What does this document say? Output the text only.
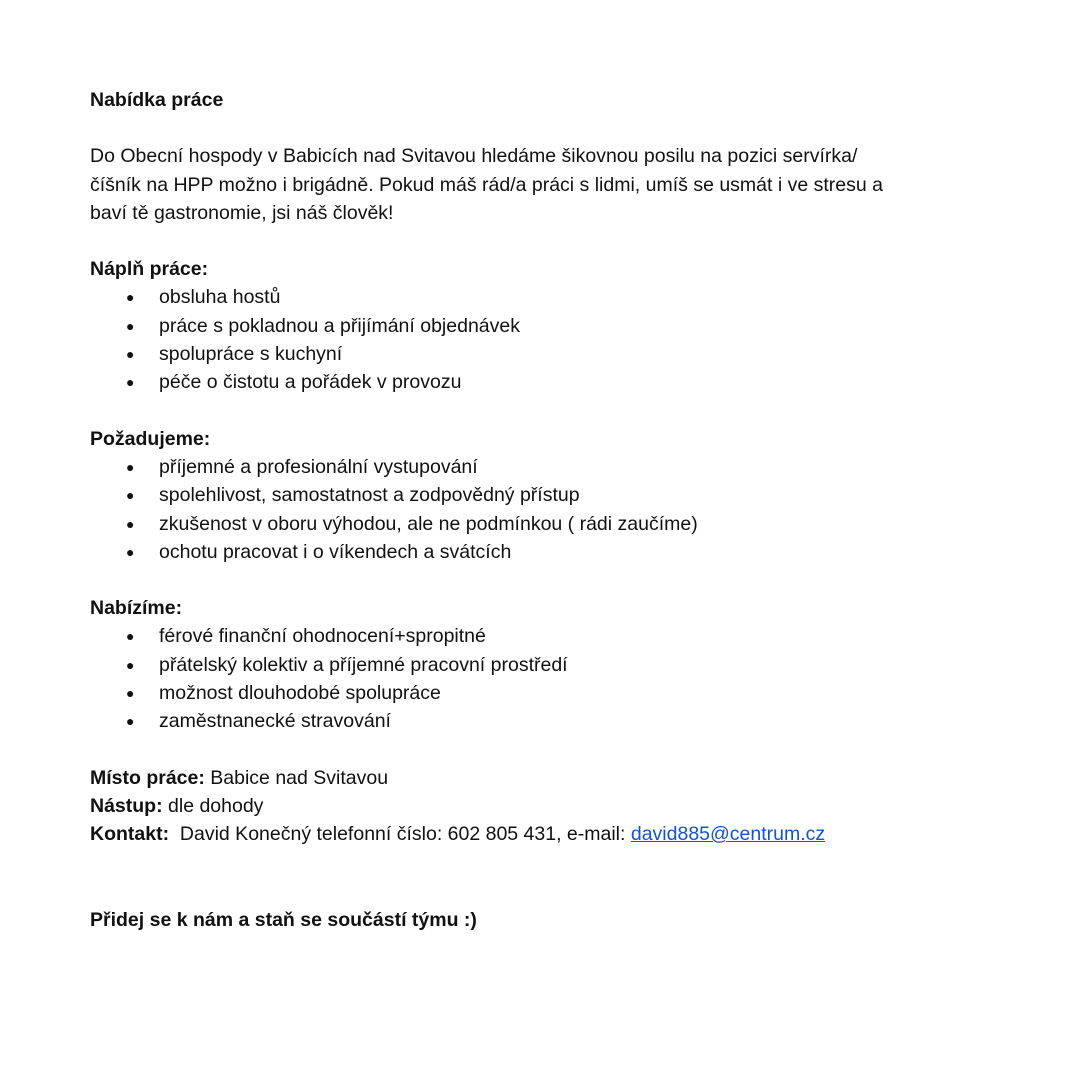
Nabídka práce

Do Obecní hospody v Babicích nad Svitavou hledáme šikovnou posilu na pozici servírka/
číšník na HPP možno i brigádně. Pokud máš rád/a práci s lidmi, umíš se usmát i ve stresu a
baví tě gastronomie, jsi náš člověk!

Náplň práce:
● obsluha hostů
● práce s pokladnou a přijímání objednávek
● spolupráce s kuchyní
● péče o čistotu a pořádek v provozu
Požadujeme:
● příjemné a profesionální vystupování
● spolehlivost, samostatnost a zodpovědný přístup
● zkušenost v oboru výhodou, ale ne podmínkou ( rádi zaučíme)
● ochotu pracovat i o víkendech a svátcích
Nabízíme:
● férové finanční ohodnocení+spropitné
● přátelský kolektiv a příjemné pracovní prostředí
● možnost dlouhodobé spolupráce
● zaměstnanecké stravování
Místo práce: Babice nad Svitavou
Nástup: dle dohody
Kontakt:  David Konečný telefonní číslo: 602 805 431, e-mail: david885@centrum.cz
Přidej se k nám a staň se součástí týmu :)
